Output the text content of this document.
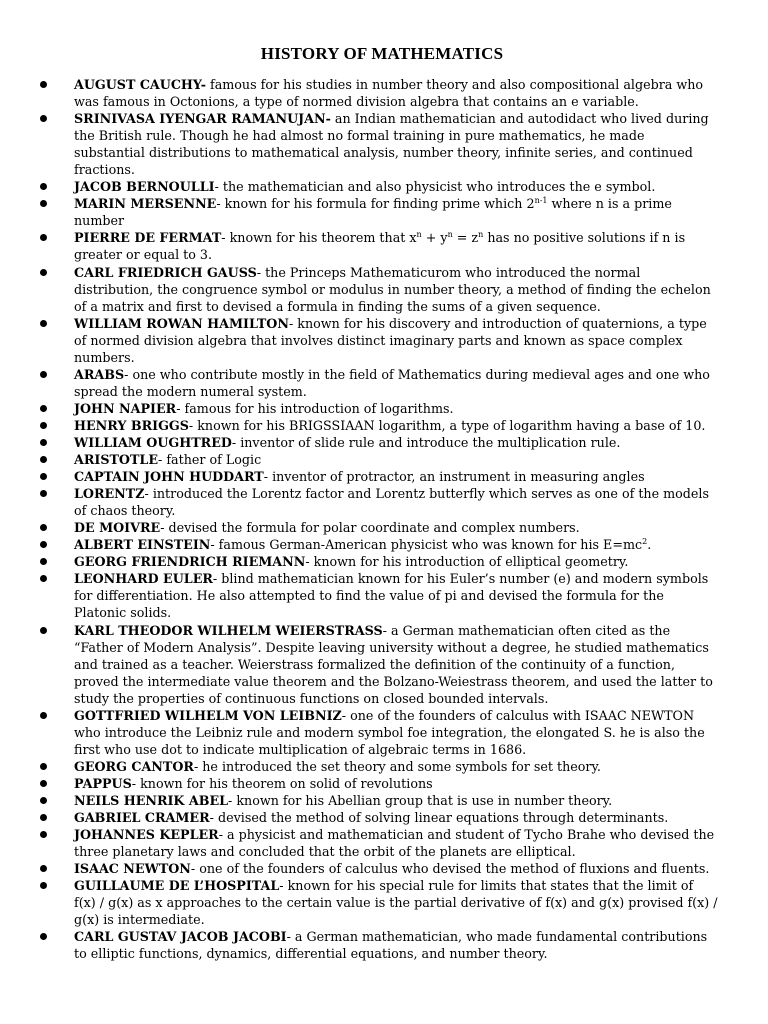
HISTORY OF MATHEMATICS
AUGUST CAUCHY- famous for his studies in number theory and also compositional algebra who was famous in Octonions, a type of normed division algebra that contains an e variable.
SRINIVASA IYENGAR RAMANUJAN- an Indian mathematician and autodidact who lived during the British rule. Though he had almost no formal training in pure mathematics, he made substantial distributions to mathematical analysis, number theory, infinite series, and continued fractions.
JACOB BERNOULLI- the mathematician and also physicist who introduces the e symbol.
MARIN MERSENNE- known for his formula for finding prime which 2$^{n-1}$ where n is a prime number
PIERRE DE FERMAT- known for his theorem that $x^n + y^n = z^n$ has no positive solutions if n is greater or equal to 3.
CARL FRIEDRICH GAUSS- the Princeps Mathematicurom who introduced the normal distribution, the congruence symbol or modulus in number theory, a method of finding the echelon of a matrix and first to devised a formula in finding the sums of a given sequence.
WILLIAM ROWAN HAMILTON- known for his discovery and introduction of quaternions, a type of normed division algebra that involves distinct imaginary parts and known as space complex numbers.
ARABS- one who contribute mostly in the field of Mathematics during medieval ages and one who spread the modern numeral system.
JOHN NAPIER- famous for his introduction of logarithms.
HENRY BRIGGS- known for his BRIGSSIAAN logarithm, a type of logarithm having a base of 10.
WILLIAM OUGHTRED- inventor of slide rule and introduce the multiplication rule.
ARISTOTLE- father of Logic
CAPTAIN JOHN HUDDART- inventor of protractor, an instrument in measuring angles
LORENTZ- introduced the Lorentz factor and Lorentz butterfly which serves as one of the models of chaos theory.
DE MOIVRE- devised the formula for polar coordinate and complex numbers.
ALBERT EINSTEIN- famous German-American physicist who was known for his $E=mc^2$.
GEORG FRIENDRICH RIEMANN- known for his introduction of elliptical geometry.
LEONHARD EULER- blind mathematician known for his Euler’s number (e) and modern symbols for differentiation. He also attempted to find the value of pi and devised the formula for the Platonic solids.
KARL THEODOR WILHELM WEIERSTRASS- a German mathematician often cited as the “Father of Modern Analysis”. Despite leaving university without a degree, he studied mathematics and trained as a teacher. Weierstrass formalized the definition of the continuity of a function, proved the intermediate value theorem and the Bolzano-Weiestrass theorem, and used the latter to study the properties of continuous functions on closed bounded intervals.
GOTTFRIED WILHELM VON LEIBNIZ- one of the founders of calculus with ISAAC NEWTON who introduce the Leibniz rule and modern symbol foe integration, the elongated S. he is also the first who use dot to indicate multiplication of algebraic terms in 1686.
GEORG CANTOR- he introduced the set theory and some symbols for set theory.
PAPPUS- known for his theorem on solid of revolutions
NEILS HENRIK ABEL- known for his Abellian group that is use in number theory.
GABRIEL CRAMER- devised the method of solving linear equations through determinants.
JOHANNES KEPLER- a physicist and mathematician and student of Tycho Brahe who devised the three planetary laws and concluded that the orbit of the planets are elliptical.
ISAAC NEWTON- one of the founders of calculus who devised the method of fluxions and fluents.
GUILLAUME DE L’HOSPITAL- known for his special rule for limits that states that the limit of f(x) / g(x) as x approaches to the certain value is the partial derivative of f(x) and g(x) provised f(x) / g(x) is intermediate.
CARL GUSTAV JACOB JACOBI- a German mathematician, who made fundamental contributions to elliptic functions, dynamics, differential equations, and number theory.
